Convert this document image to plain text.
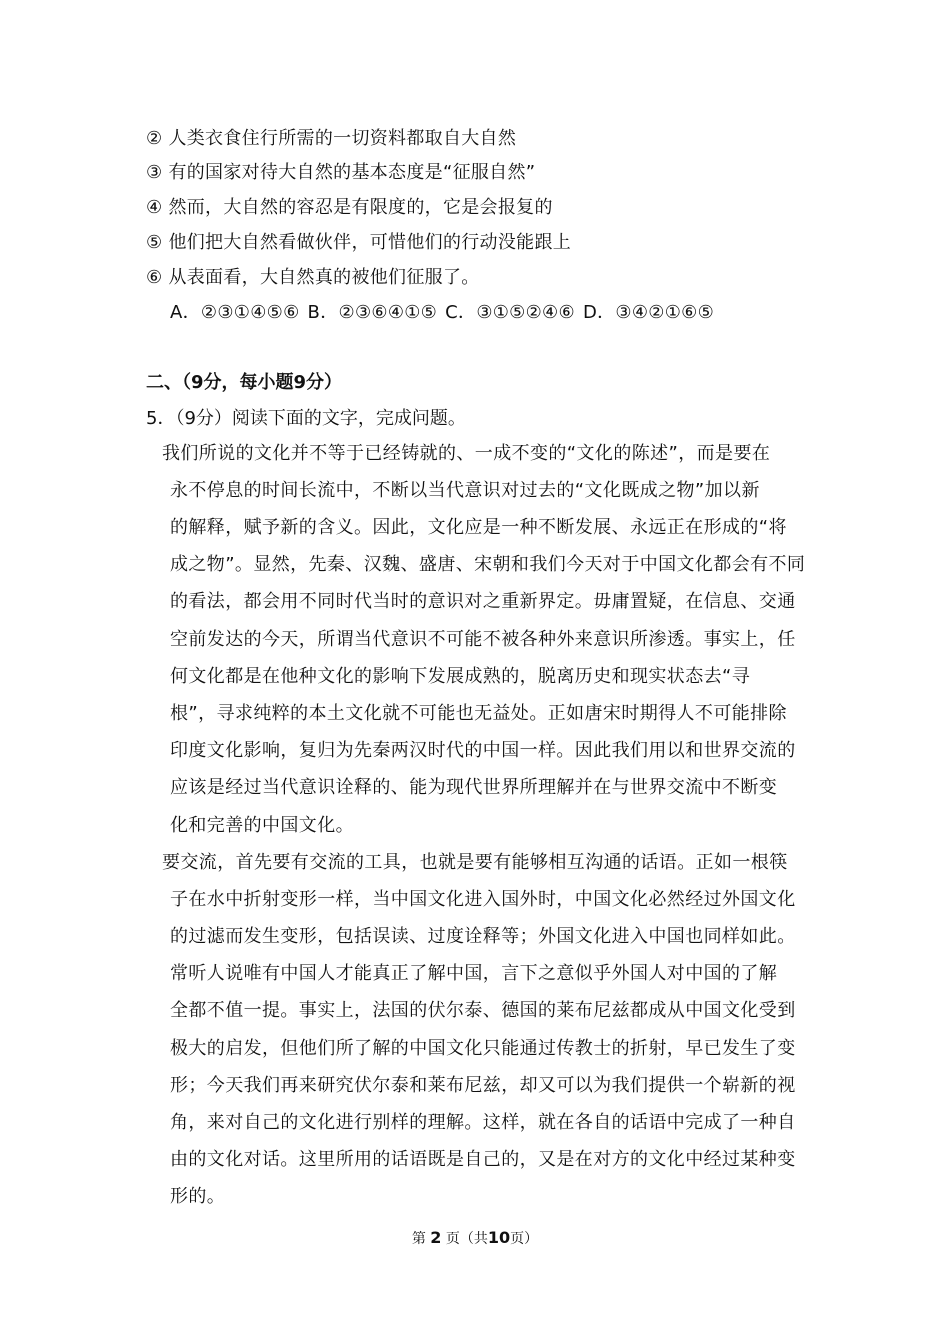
② 人类衣食住行所需的一切资料都取自大自然
③ 有的国家对待大自然的基本态度是“征服自然”
④ 然而，大自然的容忍是有限度的，它是会报复的
⑤ 他们把大自然看做伙伴，可惜他们的行动没能跟上
⑥ 从表面看，大自然真的被他们征服了。
A．②③①④⑤⑥ B．②③⑥④①⑤ C．③①⑤②④⑥ D．③④②①⑥⑤
二、（9分，每小题9分）
5．（9分）阅读下面的文字，完成问题。
我们所说的文化并不等于已经铸就的、一成不变的“文化的陈述”，而是要在
永不停息的时间长流中，不断以当代意识对过去的“文化既成之物”加以新
的解释，赋予新的含义。因此，文化应是一种不断发展、永远正在形成的“将
成之物”。显然，先秦、汉魏、盛唐、宋朝和我们今天对于中国文化都会有不同
的看法，都会用不同时代当时的意识对之重新界定。毋庸置疑，在信息、交通
空前发达的今天，所谓当代意识不可能不被各种外来意识所渗透。事实上，任
何文化都是在他种文化的影响下发展成熟的，脱离历史和现实状态去“寻
根”，寻求纯粹的本土文化就不可能也无益处。正如唐宋时期得人不可能排除
印度文化影响，复归为先秦两汉时代的中国一样。因此我们用以和世界交流的
应该是经过当代意识诠释的、能为现代世界所理解并在与世界交流中不断变
化和完善的中国文化。
要交流，首先要有交流的工具，也就是要有能够相互沟通的话语。正如一根筷
子在水中折射变形一样，当中国文化进入国外时，中国文化必然经过外国文化
的过滤而发生变形，包括误读、过度诠释等；外国文化进入中国也同样如此。
常听人说唯有中国人才能真正了解中国，言下之意似乎外国人对中国的了解
全都不值一提。事实上，法国的伏尔泰、德国的莱布尼兹都成从中国文化受到
极大的启发，但他们所了解的中国文化只能通过传教士的折射，早已发生了变
形；今天我们再来研究伏尔泰和莱布尼兹，却又可以为我们提供一个崭新的视
角，来对自己的文化进行别样的理解。这样，就在各自的话语中完成了一种自
由的文化对话。这里所用的话语既是自己的，又是在对方的文化中经过某种变
形的。
第 2 页（共10页）
